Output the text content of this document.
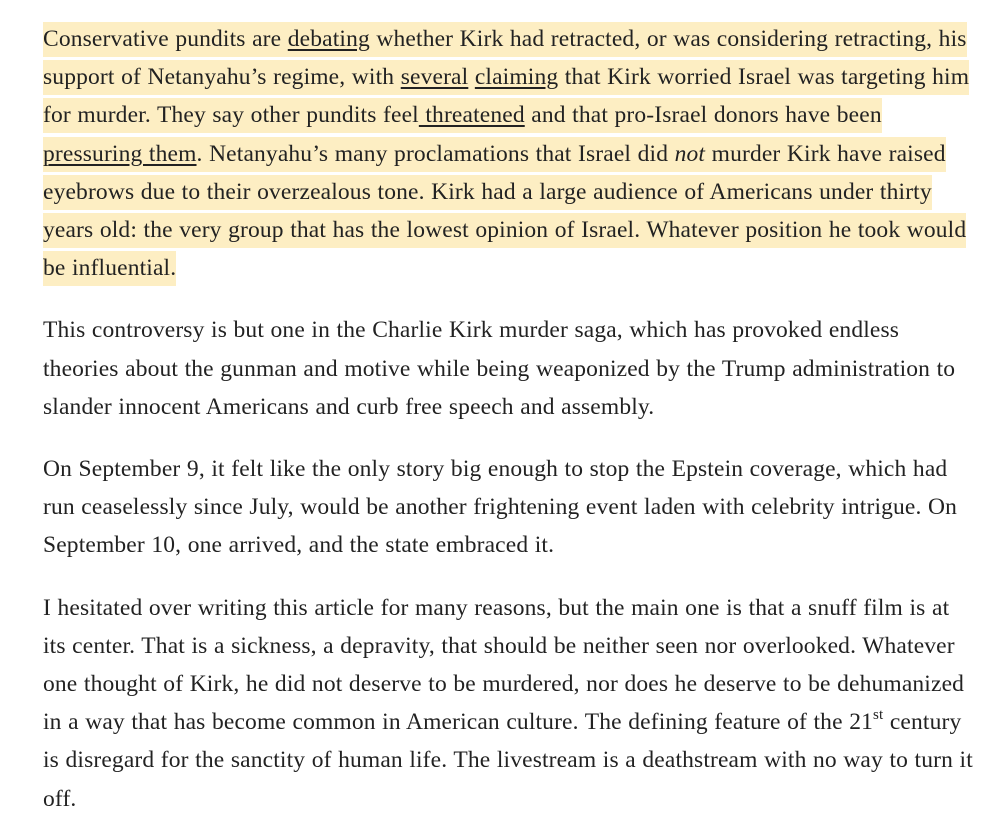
Conservative pundits are debating whether Kirk had retracted, or was considering retracting, his support of Netanyahu’s regime, with several claiming that Kirk worried Israel was targeting him for murder. They say other pundits feel threatened and that pro-Israel donors have been pressuring them. Netanyahu’s many proclamations that Israel did not murder Kirk have raised eyebrows due to their overzealous tone. Kirk had a large audience of Americans under thirty years old: the very group that has the lowest opinion of Israel. Whatever position he took would be influential.

This controversy is but one in the Charlie Kirk murder saga, which has provoked endless theories about the gunman and motive while being weaponized by the Trump administration to slander innocent Americans and curb free speech and assembly.

On September 9, it felt like the only story big enough to stop the Epstein coverage, which had run ceaselessly since July, would be another frightening event laden with celebrity intrigue. On September 10, one arrived, and the state embraced it.

I hesitated over writing this article for many reasons, but the main one is that a snuff film is at its center. That is a sickness, a depravity, that should be neither seen nor overlooked. Whatever one thought of Kirk, he did not deserve to be murdered, nor does he deserve to be dehumanized in a way that has become common in American culture. The defining feature of the 21st century is disregard for the sanctity of human life. The livestream is a deathstream with no way to turn it off.
